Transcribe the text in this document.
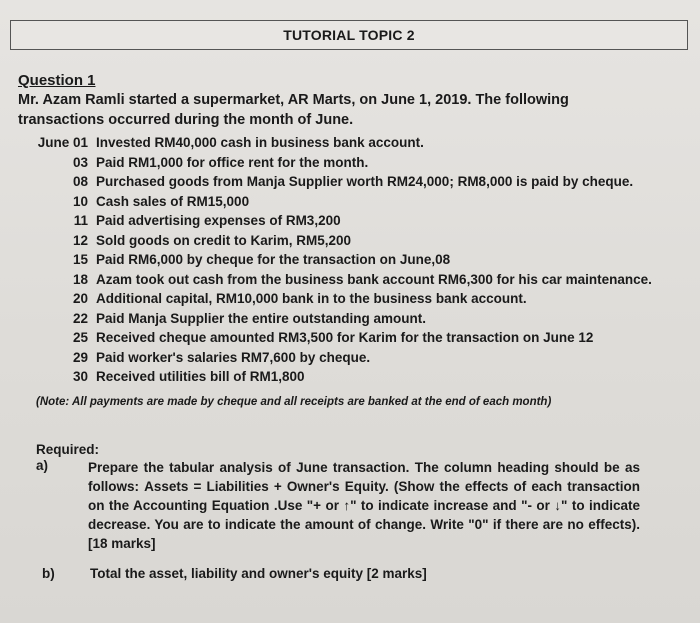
TUTORIAL TOPIC 2
Question 1
Mr. Azam Ramli started a supermarket, AR Marts, on June 1, 2019. The following transactions occurred during the month of June.
June 01 Invested RM40,000 cash in business bank account.
03 Paid RM1,000 for office rent for the month.
08 Purchased goods from Manja Supplier worth RM24,000; RM8,000 is paid by cheque.
10 Cash sales of RM15,000
11 Paid advertising expenses of RM3,200
12 Sold goods on credit to Karim, RM5,200
15 Paid RM6,000 by cheque for the transaction on June,08
18 Azam took out cash from the business bank account RM6,300 for his car maintenance.
20 Additional capital, RM10,000 bank in to the business bank account.
22 Paid Manja Supplier the entire outstanding amount.
25 Received cheque amounted RM3,500 for Karim for the transaction on June 12
29 Paid worker's salaries RM7,600 by cheque.
30 Received utilities bill of RM1,800
(Note: All payments are made by cheque and all receipts are banked at the end of each month)
Required:
a)	Prepare the tabular analysis of June transaction. The column heading should be as follows: Assets = Liabilities + Owner's Equity. (Show the effects of each transaction on the Accounting Equation .Use "+ or ↑" to indicate increase and "- or ↓" to indicate decrease. You are to indicate the amount of change. Write "0" if there are no effects).[18 marks]
b)	Total the asset, liability and owner's equity [2 marks]
